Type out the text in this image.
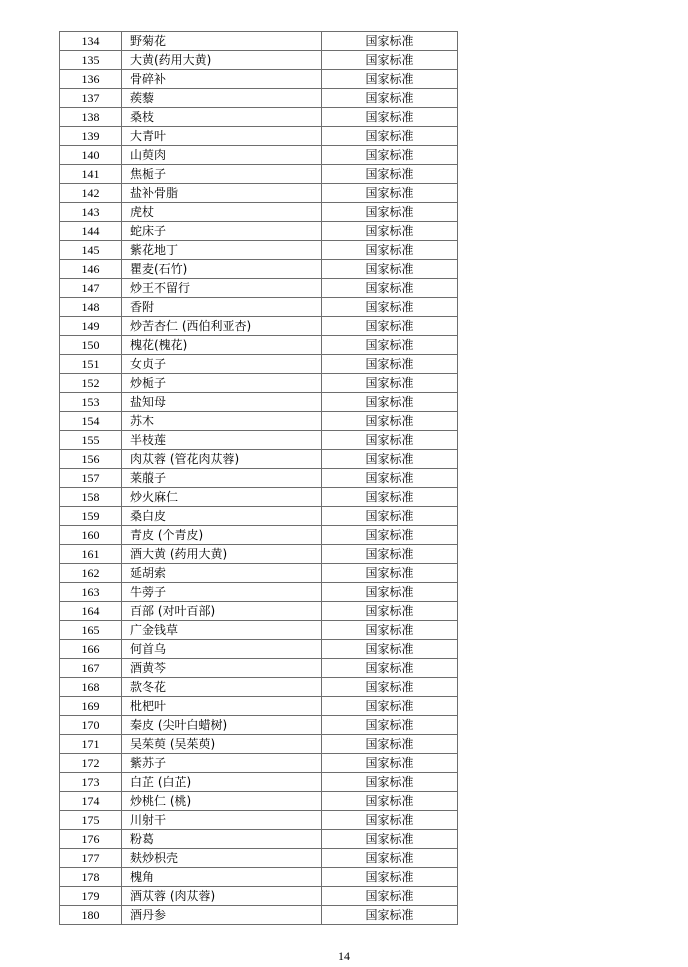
134	野菊花	国家标准
135	大黄(药用大黄)	国家标准
136	骨碎补	国家标准
137	蒺藜	国家标准
138	桑枝	国家标准
139	大青叶	国家标准
140	山萸肉	国家标准
141	焦栀子	国家标准
142	盐补骨脂	国家标准
143	虎杖	国家标准
144	蛇床子	国家标准
145	紫花地丁	国家标准
146	瞿麦(石竹)	国家标准
147	炒王不留行	国家标准
148	香附	国家标准
149	炒苦杏仁 (西伯利亚杏)	国家标准
150	槐花(槐花)	国家标准
151	女贞子	国家标准
152	炒栀子	国家标准
153	盐知母	国家标准
154	苏木	国家标准
155	半枝莲	国家标准
156	肉苁蓉 (管花肉苁蓉)	国家标准
157	莱菔子	国家标准
158	炒火麻仁	国家标准
159	桑白皮	国家标准
160	青皮 (个青皮)	国家标准
161	酒大黄 (药用大黄)	国家标准
162	延胡索	国家标准
163	牛蒡子	国家标准
164	百部 (对叶百部)	国家标准
165	广金钱草	国家标准
166	何首乌	国家标准
167	酒黄芩	国家标准
168	款冬花	国家标准
169	枇杷叶	国家标准
170	秦皮 (尖叶白蜡树)	国家标准
171	吴茱萸 (吴茱萸)	国家标准
172	紫苏子	国家标准
173	白芷 (白芷)	国家标准
174	炒桃仁 (桃)	国家标准
175	川射干	国家标准
176	粉葛	国家标准
177	麸炒枳壳	国家标准
178	槐角	国家标准
179	酒苁蓉 (肉苁蓉)	国家标准
180	酒丹参	国家标准
14
